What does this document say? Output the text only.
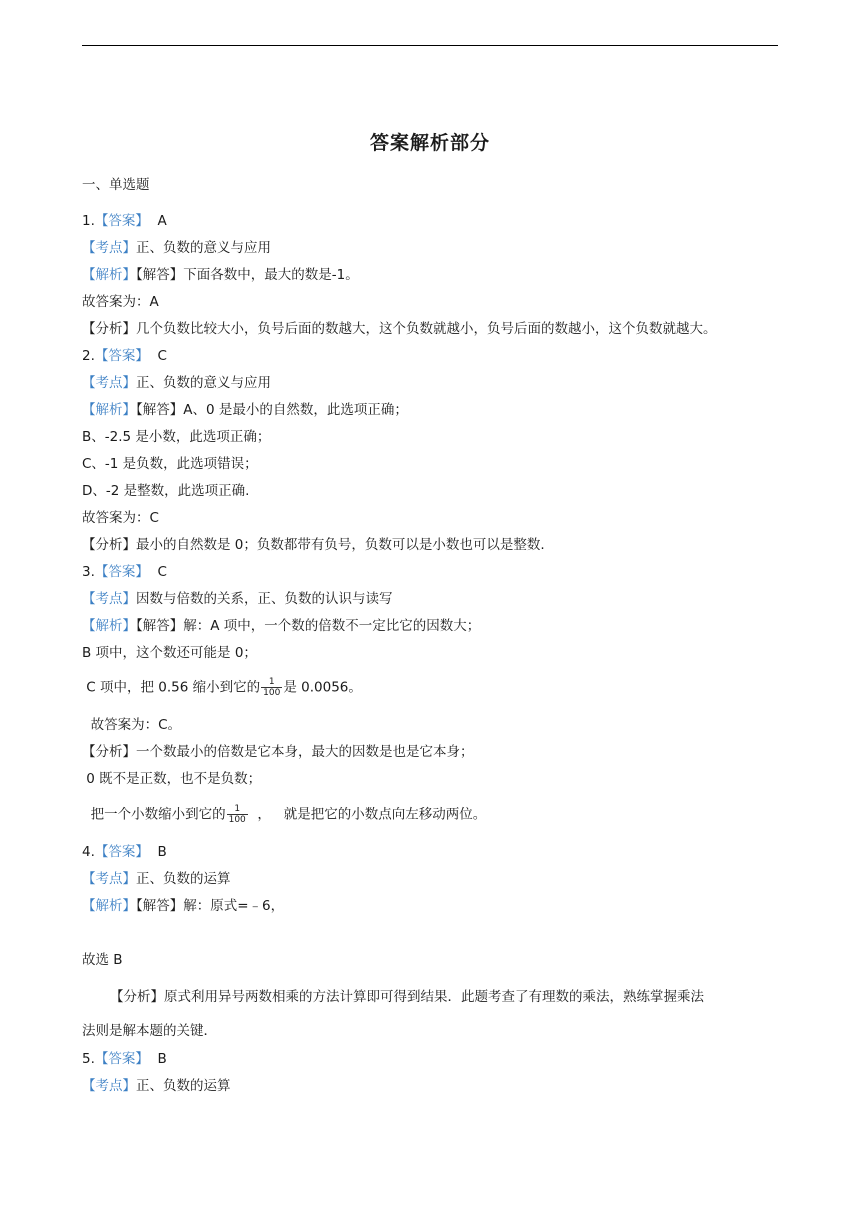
答案解析部分
一、单选题
1.【答案】 A
【考点】正、负数的意义与应用
【解析】【解答】下面各数中，最大的数是-1。
故答案为：A
【分析】几个负数比较大小，负号后面的数越大，这个负数就越小，负号后面的数越小，这个负数就越大。
2.【答案】 C
【考点】正、负数的意义与应用
【解析】【解答】A、0 是最小的自然数，此选项正确；
B、-2.5 是小数，此选项正确；
C、-1 是负数，此选项错误；
D、-2 是整数，此选项正确.
故答案为：C
【分析】最小的自然数是 0；负数都带有负号，负数可以是小数也可以是整数.
3.【答案】 C
【考点】因数与倍数的关系，正、负数的认识与读写
【解析】【解答】解：A 项中，一个数的倍数不一定比它的因数大；
B 项中，这个数还可能是 0；
C 项中，把 0.56 缩小到它的 $\frac{1}{100}$ 是 0.0056。
故答案为：C。
【分析】一个数最小的倍数是它本身，最大的因数是也是它本身；
0 既不是正数，也不是负数；
把一个小数缩小到它的 $\frac{1}{100}$ ，   就是把它的小数点向左移动两位。
4.【答案】 B
【考点】正、负数的运算
【解析】【解答】解：原式=﹣6，
故选 B
【分析】原式利用异号两数相乘的方法计算即可得到结果．此题考查了有理数的乘法，熟练掌握乘法
法则是解本题的关键．
5.【答案】 B
【考点】正、负数的运算
